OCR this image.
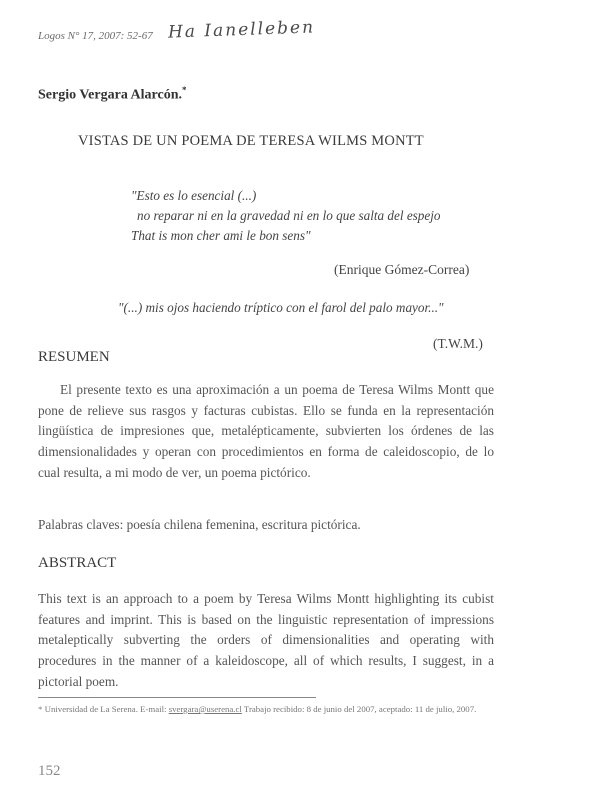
Logos N° 17, 2007: 52-67 Ha Ianelleben
Sergio Vergara Alarcón.*
VISTAS DE UN POEMA DE TERESA WILMS MONTT
"Esto es lo esencial (...)
no reparar ni en la gravedad ni en lo que salta del espejo
That is mon cher ami le bon sens"
(Enrique Gómez-Correa)
"(...) mis ojos haciendo tríptico con el farol del palo mayor..."
(T.W.M.)
RESUMEN
El presente texto es una aproximación a un poema de Teresa Wilms Montt que pone de relieve sus rasgos y facturas cubistas. Ello se funda en la representación lingüística de impresiones que, metalépticamente, subvierten los órdenes de las dimensionalidades y operan con procedimientos en forma de caleidoscopio, de lo cual resulta, a mi modo de ver, un poema pictórico.
Palabras claves: poesía chilena femenina, escritura pictórica.
ABSTRACT
This text is an approach to a poem by Teresa Wilms Montt highlighting its cubist features and imprint. This is based on the linguistic representation of impressions metaleptically subverting the orders of dimensionalities and operating with procedures in the manner of a kaleidoscope, all of which results, I suggest, in a pictorial poem.
* Universidad de La Serena. E-mail: svergara@userena.cl Trabajo recibido: 8 de junio del 2007, aceptado: 11 de julio, 2007.
152
